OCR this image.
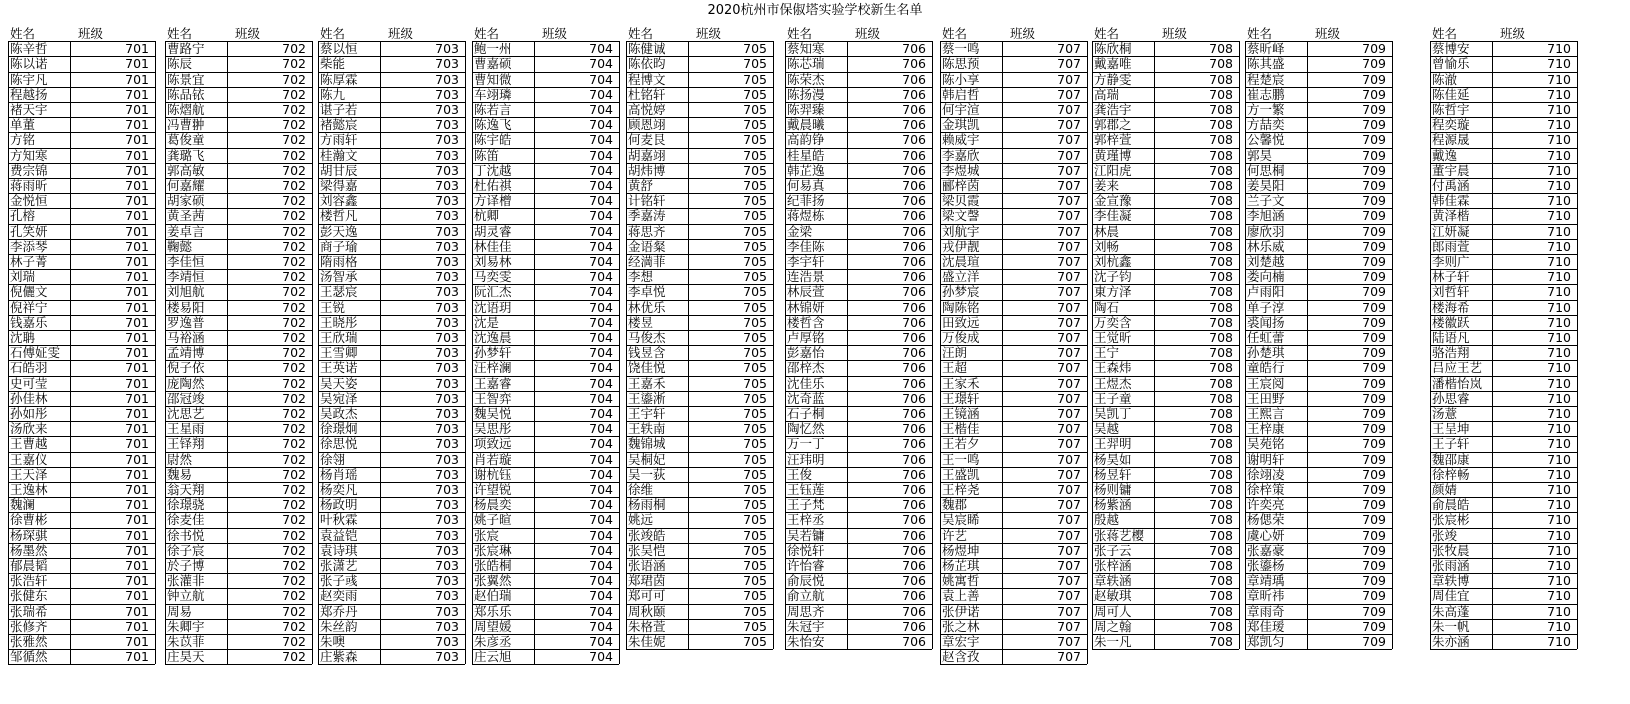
2020杭州市保俶塔实验学校新生名单
姓名	班级
陈辛哲	701
陈以诺	701
陈宇凡	701
程越扬	701
褚天宇	701
单董	701
方铭	701
方知寒	701
费宗锦	701
蒋雨昕	701
金悦恒	701
孔榕	701
孔笑妍	701
李添琴	701
林子菁	701
刘瑞	701
倪儷文	701
倪祥宁	701
钱嘉乐	701
沈聃	701
石傅姃雯	701
石皓羽	701
史可莹	701
孙佳林	701
孙如彤	701
汤欣来	701
王曹越	701
王嘉仪	701
王天泽	701
王逸林	701
魏澜	701
徐曹彬	701
杨琛骐	701
杨墨然	701
郁晨韬	701
张浩轩	701
张健东	701
张瑞希	701
张修齐	701
张雅然	701
邹循然	701
姓名	班级
曹路宁	702
陈辰	702
陈景宜	702
陈品铱	702
陈熠航	702
冯曹翀	702
葛俊童	702
龚璐飞	702
郭高敏	702
何嘉耀	702
胡家硕	702
黄圣茜	702
姜卓言	702
鞠懿	702
李佳恒	702
李靖恒	702
刘旭航	702
楼易阳	702
罗逸普	702
马裕涵	702
孟靖博	702
倪子依	702
庞陶然	702
邵冠竣	702
沈思艺	702
王星雨	702
王铎翔	702
尉然	702
魏易	702
翁天翔	702
徐璟骁	702
徐麦佳	702
徐书悦	702
徐子宸	702
於子博	702
张灌非	702
钟立航	702
周易	702
朱卿宇	702
朱苡菲	702
庄昊天	702
姓名	班级
蔡以恒	703
柴能	703
陈厚霖	703
陈九	703
谌子若	703
褚懿宸	703
方雨轩	703
桂瀚文	703
胡甘辰	703
梁得嘉	703
刘容鑫	703
楼哲凡	703
彭天逸	703
商子瑜	703
隋雨格	703
汤智承	703
王瑟宸	703
王锐	703
王晓彤	703
王欣瑞	703
王雪卿	703
王英诺	703
吴天姿	703
吴宛泽	703
吴政杰	703
徐璟炯	703
徐思悦	703
徐翎	703
杨肖瑶	703
杨奕凡	703
杨政明	703
叶秋霖	703
袁益铠	703
袁诗琪	703
张潇艺	703
张子彧	703
赵奕雨	703
郑乔丹	703
朱丝韵	703
朱噢	703
庄紫森	703
姓名	班级
鲍一州	704
曹嘉硕	704
曹知微	704
车翊璘	704
陈若言	704
陈逸飞	704
陈宇皓	704
陈笛	704
丁沈越	704
杜佑祺	704
方译橧	704
杭卿	704
胡灵睿	704
林佳佳	704
刘易林	704
马奕雯	704
阮汇杰	704
沈语玥	704
沈是	704
沈逸晨	704
孙梦轩	704
汪梓澜	704
王嘉睿	704
王智弈	704
魏吴悦	704
吴思彤	704
项致远	704
肖若璇	704
谢杭钰	704
许望锐	704
杨晨奕	704
姚子暄	704
张宸	704
张宸琳	704
张皓桐	704
张翼然	704
赵伯瑞	704
郑乐乐	704
周望媛	704
朱彦丞	704
庄云旭	704
姓名	班级
陈健诚	705
陈依昀	705
程博文	705
杜铭轩	705
高悦婷	705
顾恩翊	705
何麦艮	705
胡嘉翊	705
胡炜博	705
黄舒	705
计铭轩	705
季嘉涛	705
蒋思齐	705
金语粲	705
经満菲	705
李想	705
李卓悦	705
林优乐	705
楼昱	705
马俊杰	705
钱昱含	705
饶佳悦	705
王嘉禾	705
王鎏淅	705
王宇轩	705
王轶南	705
魏锦城	705
吴桐妃	705
吴一荻	705
徐维	705
杨雨桐	705
姚远	705
张竣皓	705
张吴恺	705
张语涵	705
郑珺茵	705
郑可可	705
周秋颐	705
朱格萱	705
朱佳妮	705
姓名	班级
蔡知寒	706
陈芯瑞	706
陈荣杰	706
陈扬漫	706
陈羿臻	706
戴晨曦	706
高韵铮	706
桂星皓	706
韩芷逸	706
何易真	706
纪菲扬	706
蒋煜栋	706
金梁	706
李佳陈	706
李宇轩	706
连浩景	706
林辰萱	706
林锦妍	706
楼哲含	706
卢厚铭	706
彭嘉怡	706
邵梓杰	706
沈佳乐	706
沈奇蓝	706
石子桐	706
陶忆然	706
万一丁	706
汪玮明	706
王俊	706
王钰莲	706
王子梵	706
王梓丞	706
吴若镛	706
徐悦轩	706
许怡睿	706
俞辰悦	706
俞立航	706
周思齐	706
朱冠宇	706
朱怡安	706
姓名	班级
蔡一鸣	707
陈思预	707
陈小享	707
韩启哲	707
何宇渲	707
金琪凯	707
赖威宇	707
李嘉欣	707
李煜城	707
郦梓茵	707
梁贝霞	707
梁文謦	707
刘航宇	707
戎伊靓	707
沈晨瑄	707
盛立洋	707
孙梦宸	707
陶陈铭	707
田致远	707
万俊成	707
汪朗	707
王超	707
王家禾	707
王璟轩	707
王镜涵	707
王楷佳	707
王若夕	707
王一鸣	707
王盛凯	707
王梓尧	707
魏郡	707
吴宸睎	707
许艺	707
杨煜坤	707
杨芷琪	707
姚寓哲	707
袁上善	707
张伊诺	707
张之林	707
章宏宇	707
赵含孜	707
姓名	班级
陈欣桐	708
戴嘉唯	708
方静雯	708
高瑞	708
龚浩宇	708
郭郡之	708
郭梓萱	708
黄瑾博	708
江阳虎	708
姜来	708
金宣豫	708
李佳凝	708
林晨	708
刘畅	708
刘杭鑫	708
沈子钧	708
東方泽	708
陶石	708
万奕含	708
王觉昕	708
王宁	708
王森炜	708
王煜杰	708
王子童	708
吴凯丁	708
吴越	708
王羿明	708
杨昊如	708
杨昱轩	708
杨则镛	708
杨紫涵	708
殷越	708
张蒋艺樱	708
张子云	708
张梓涵	708
章轶涵	708
赵敏琪	708
周可人	708
周之翰	708
朱一凡	708
姓名	班级
蔡昕峄	709
陈其盛	709
程楚宸	709
崔志鹏	709
方一繁	709
方喆奕	709
公馨悦	709
郭昊	709
何思桐	709
姜昊阳	709
兰子文	709
李旭涵	709
廖欣羽	709
林乐威	709
刘楚越	709
娄向楠	709
卢雨阳	709
单子淳	709
裘闻扬	709
任虹蕾	709
孙楚琪	709
童皓行	709
王宸阅	709
王田野	709
王熙言	709
王梓康	709
吴苑铭	709
谢明轩	709
徐翊凌	709
徐梓策	709
许奕亮	709
杨偲荣	709
虞心妍	709
张嘉豪	709
张鎏杨	709
章靖瑀	709
章昕祎	709
章雨奇	709
郑佳瑷	709
郑凯匀	709
姓名	班级
蔡博安	710
曾愉乐	710
陈澈	710
陈佳延	710
陈哲宇	710
程奕璇	710
程源晟	710
戴逸	710
董宇晨	710
付禹涵	710
韩佳霖	710
黄泽楷	710
江妍凝	710
郎雨萱	710
李则广	710
林子轩	710
刘哲轩	710
楼海希	710
楼徽跃	710
陆语凡	710
骆浩翔	710
吕应王艺	710
潘楷怡岚	710
孙思睿	710
汤薏	710
王呈坤	710
王子轩	710
魏邵康	710
徐梓畅	710
颜婧	710
俞晨皓	710
张宸彬	710
张竣	710
张牧晨	710
张雨涵	710
章轶博	710
周佳宜	710
朱高蓬	710
朱一帆	710
朱亦涵	710
